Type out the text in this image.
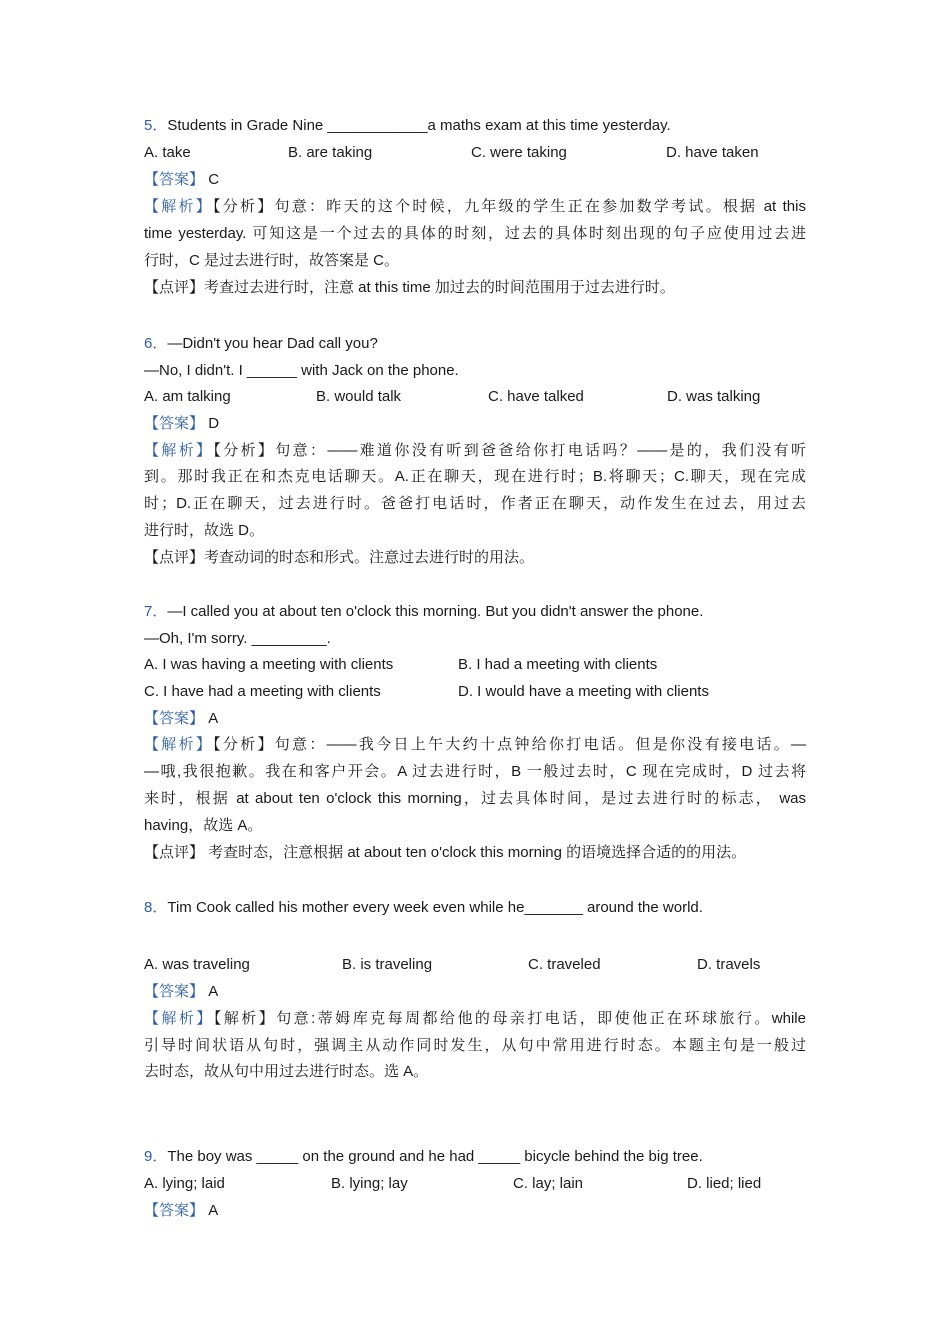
5．Students in Grade Nine ____________a maths exam at this time yesterday.
A. take	B. are taking	C. were taking	D. have taken
【答案】 C
【解析】【分析】句意：昨天的这个时候，九年级的学生正在参加数学考试。根据 at this
time yesterday. 可知这是一个过去的具体的时刻，过去的具体时刻出现的句子应使用过去进
行时，C 是过去进行时，故答案是 C。
【点评】考查过去进行时，注意 at this time 加过去的时间范围用于过去进行时。
6．—Didn't you hear Dad call you?
—No, I didn't. I ______ with Jack on the phone.
A. am talking	B. would talk	C. have talked	D. was talking
【答案】 D
【解析】【分析】句意：——难道你没有听到爸爸给你打电话吗？——是的，我们没有听
到。那时我正在和杰克电话聊天。A.正在聊天，现在进行时；B.将聊天；C.聊天，现在完成
时；D.正在聊天，过去进行时。爸爸打电话时，作者正在聊天，动作发生在过去，用过去
进行时，故选 D。
【点评】考查动词的时态和形式。注意过去进行时的用法。
7．—I called you at about ten o'clock this morning. But you didn't answer the phone.
—Oh, I'm sorry. _________.
A. I was having a meeting with clients	B. I had a meeting with clients
C. I have had a meeting with clients	D. I would have a meeting with clients
【答案】 A
【解析】【分析】句意：——我今日上午大约十点钟给你打电话。但是你没有接电话。—
—哦,我很抱歉。我在和客户开会。A 过去进行时，B 一般过去时，C 现在完成时，D 过去将
来时，根据 at about ten o'clock this morning，过去具体时间，是过去进行时的标志， was
having，故选 A。
【点评】 考查时态，注意根据 at about ten o'clock this morning 的语境选择合适的的用法。
8．Tim Cook called his mother every week even while he_______ around the world.
A. was traveling	B. is traveling	C. traveled	D. travels
【答案】 A
【解析】【解析】句意:蒂姆库克每周都给他的母亲打电话，即使他正在环球旅行。while
引导时间状语从句时，强调主从动作同时发生，从句中常用进行时态。本题主句是一般过
去时态，故从句中用过去进行时态。选 A。
9．The boy was _____ on the ground and he had _____ bicycle behind the big tree.
A. lying; laid	B. lying; lay	C. lay; lain	D. lied; lied
【答案】 A
